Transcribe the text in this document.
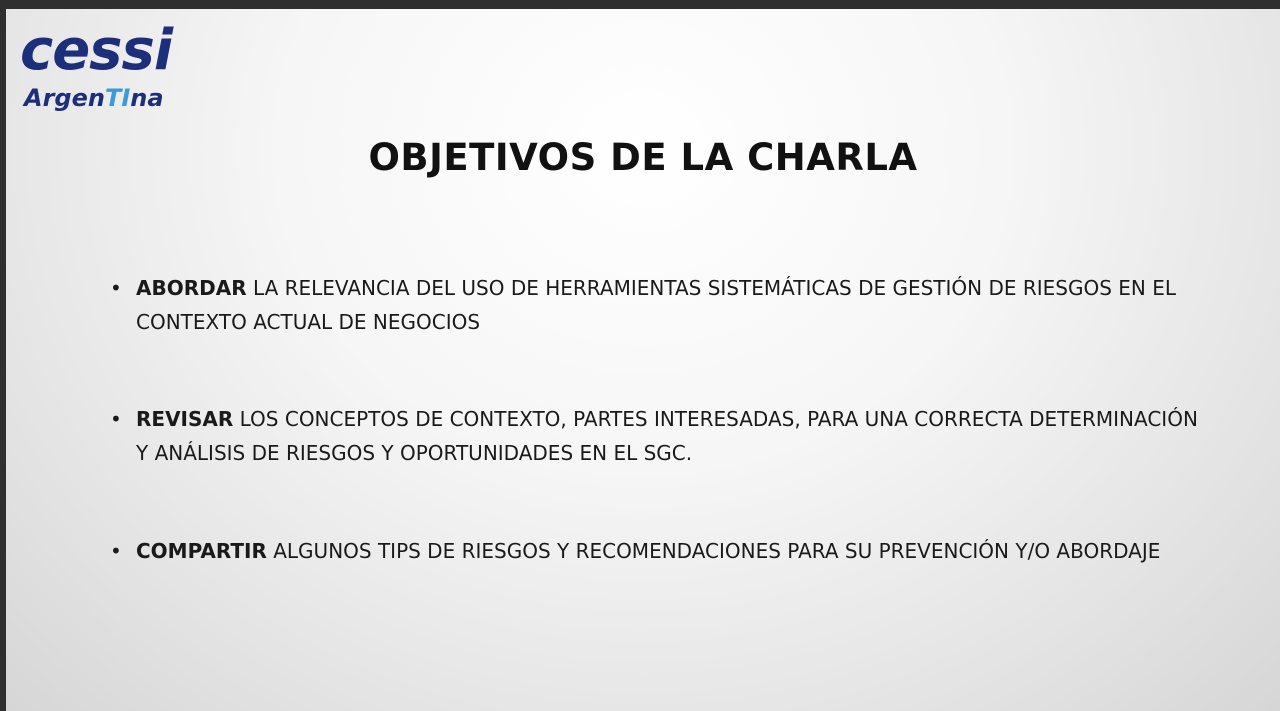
cessi
ArgenTIna
OBJETIVOS DE LA CHARLA
• ABORDAR LA RELEVANCIA DEL USO DE HERRAMIENTAS SISTEMÁTICAS DE GESTIÓN DE RIESGOS EN EL CONTEXTO ACTUAL DE NEGOCIOS
• REVISAR LOS CONCEPTOS DE CONTEXTO, PARTES INTERESADAS, PARA UNA CORRECTA DETERMINACIÓN Y ANÁLISIS DE RIESGOS Y OPORTUNIDADES EN EL SGC.
• COMPARTIR ALGUNOS TIPS DE RIESGOS Y RECOMENDACIONES PARA SU PREVENCIÓN Y/O ABORDAJE
